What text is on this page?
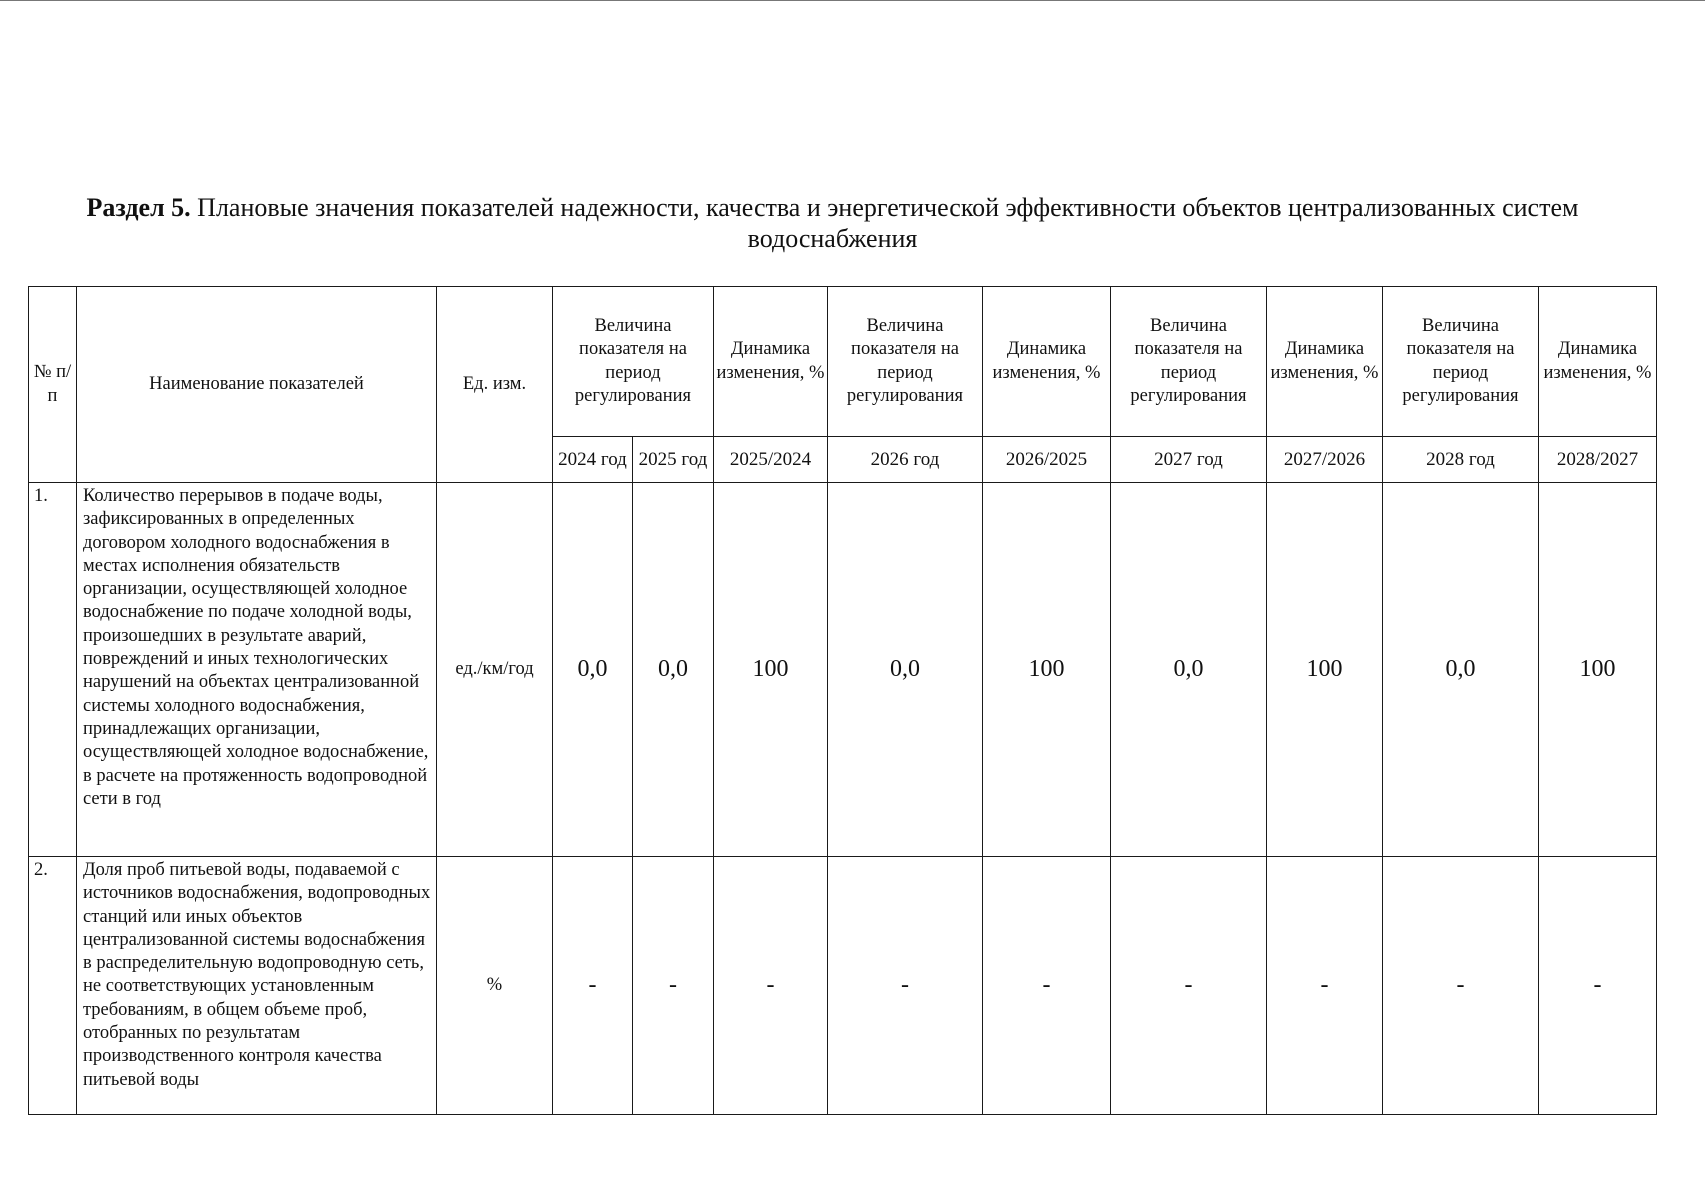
Раздел 5. Плановые значения показателей надежности, качества и энергетической эффективности объектов централизованных систем водоснабжения
№ п/п	Наименование показателей	Ед. изм.	Величина показателя на период регулирования		Динамика изменения, %	Величина показателя на период регулирования	Динамика изменения, %	Величина показателя на период регулирования	Динамика изменения, %	Величина показателя на период регулирования	Динамика изменения, %
			2024 год	2025 год	2025/2024	2026 год	2026/2025	2027 год	2027/2026	2028 год	2028/2027
1.	Количество перерывов в подаче воды, зафиксированных в определенных договором холодного водоснабжения в местах исполнения обязательств организации, осуществляющей холодное водоснабжение по подаче холодной воды, произошедших в результате аварий, повреждений и иных технологических нарушений на объектах централизованной системы холодного водоснабжения, принадлежащих организации, осуществляющей холодное водоснабжение, в расчете на протяженность водопроводной сети в год	ед./км/год	0,0	0,0	100	0,0	100	0,0	100	0,0	100
2.	Доля проб питьевой воды, подаваемой с источников водоснабжения, водопроводных станций или иных объектов централизованной системы водоснабжения в распределительную водопроводную сеть, не соответствующих установленным требованиям, в общем объеме проб, отобранных по результатам производственного контроля качества питьевой воды	%	-	-	-	-	-	-	-	-	-
